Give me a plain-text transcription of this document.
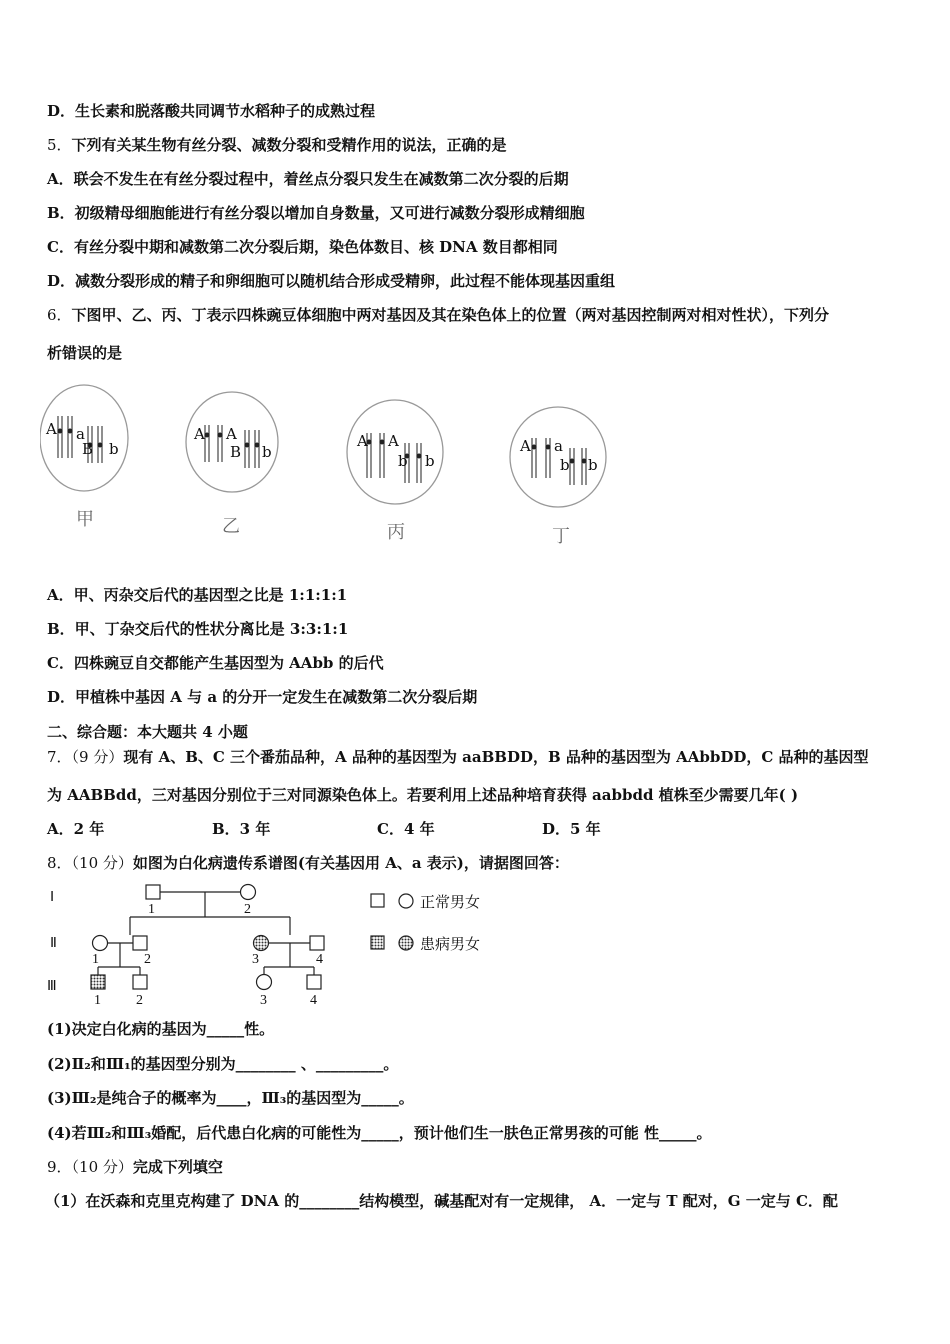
D．生长素和脱落酸共同调节水稻种子的成熟过程
5．下列有关某生物有丝分裂、减数分裂和受精作用的说法，正确的是
A．联会不发生在有丝分裂过程中，着丝点分裂只发生在减数第二次分裂的后期
B．初级精母细胞能进行有丝分裂以增加自身数量，又可进行减数分裂形成精细胞
C．有丝分裂中期和减数第二次分裂后期，染色体数目、核 DNA 数目都相同
D．减数分裂形成的精子和卵细胞可以随机结合形成受精卵，此过程不能体现基因重组
6．下图甲、乙、丙、丁表示四株豌豆体细胞中两对基因及其在染色体上的位置（两对基因控制两对相对性状），下列分
析错误的是
A a
B b
甲
A A
B b
乙
A A
b b
丙
A a
b b
丁
A．甲、丙杂交后代的基因型之比是 1:1:1:1
B．甲、丁杂交后代的性状分离比是 3:3:1:1
C．四株豌豆自交都能产生基因型为 AAbb 的后代
D．甲植株中基因 A 与 a 的分开一定发生在减数第二次分裂后期
二、综合题：本大题共 4 小题
7．（9 分）现有 A、B、C 三个番茄品种，A 品种的基因型为 aaBBDD，B 品种的基因型为 AAbbDD，C 品种的基因型
为 AABBdd，三对基因分别位于三对同源染色体上。若要利用上述品种培育获得 aabbdd 植株至少需要几年( )
A．2 年	B．3 年	C．4 年	D．5 年
8．（10 分）如图为白化病遗传系谱图(有关基因用 A、a 表示)，请据图回答：
Ⅰ
Ⅱ
Ⅲ
1	2
1	2	3	4
1	2	3	4
正常男女
患病男女
(1)决定白化病的基因为_____性。
(2)Ⅱ₂和Ⅲ₁的基因型分别为________ 、_________。
(3)Ⅲ₂是纯合子的概率为____，Ⅲ₃的基因型为_____。
(4)若Ⅲ₂和Ⅲ₃婚配，后代患白化病的可能性为_____，预计他们生一肤色正常男孩的可能 性_____。
9．（10 分）完成下列填空
（1）在沃森和克里克构建了 DNA 的________结构模型，碱基配对有一定规律， A．一定与 T 配对，G 一定与 C．配
